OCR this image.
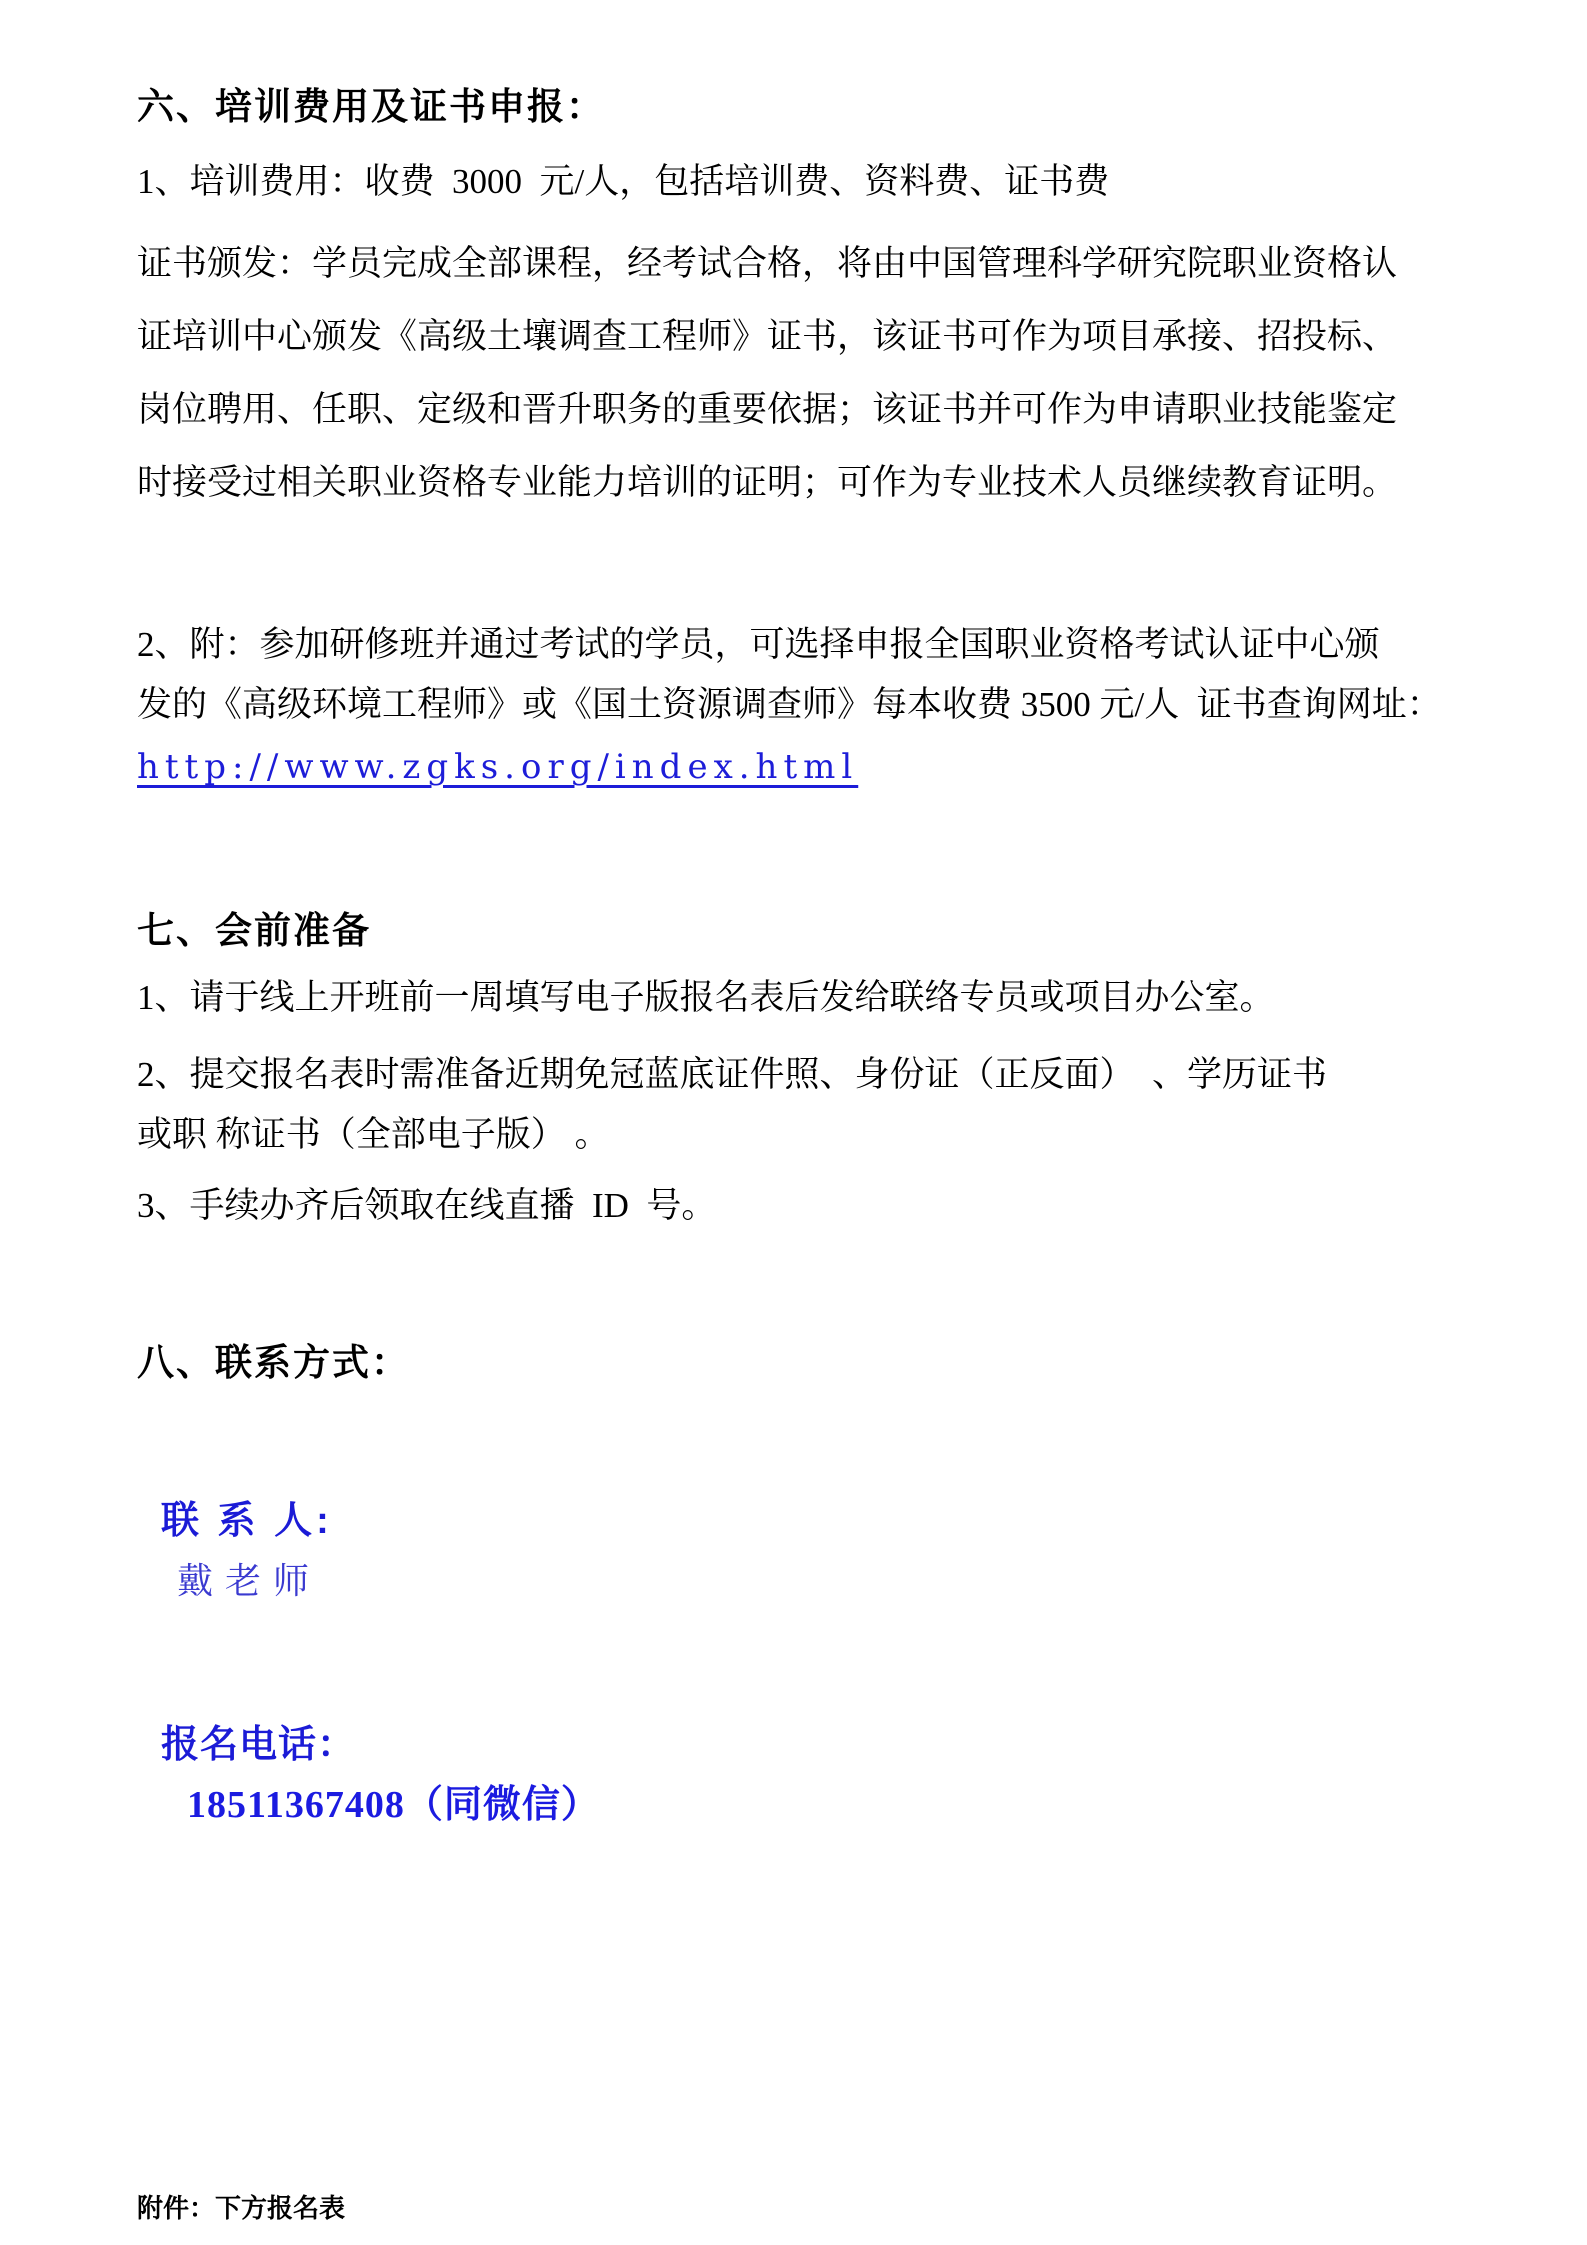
六、培训费用及证书申报：
1、培训费用：收费  3000  元/人，包括培训费、资料费、证书费
证书颁发：学员完成全部课程，经考试合格，将由中国管理科学研究院职业资格认
证培训中心颁发《高级土壤调查工程师》证书，该证书可作为项目承接、招投标、
岗位聘用、任职、定级和晋升职务的重要依据；该证书并可作为申请职业技能鉴定
时接受过相关职业资格专业能力培训的证明；可作为专业技术人员继续教育证明。
2、附：参加研修班并通过考试的学员，可选择申报全国职业资格考试认证中心颁
发的《高级环境工程师》或《国土资源调查师》每本收费 3500 元/人  证书查询网址：
http://www.zgks.org/index.html
七、会前准备
1、请于线上开班前一周填写电子版报名表后发给联络专员或项目办公室。
2、提交报名表时需准备近期免冠蓝底证件照、身份证（正反面）  、学历证书
或职 称证书（全部电子版） 。
3、手续办齐后领取在线直播  ID  号。
八、联系方式：

联 系 人:
戴老师

报名电话：
18511367408（同微信）

附件：下方报名表
